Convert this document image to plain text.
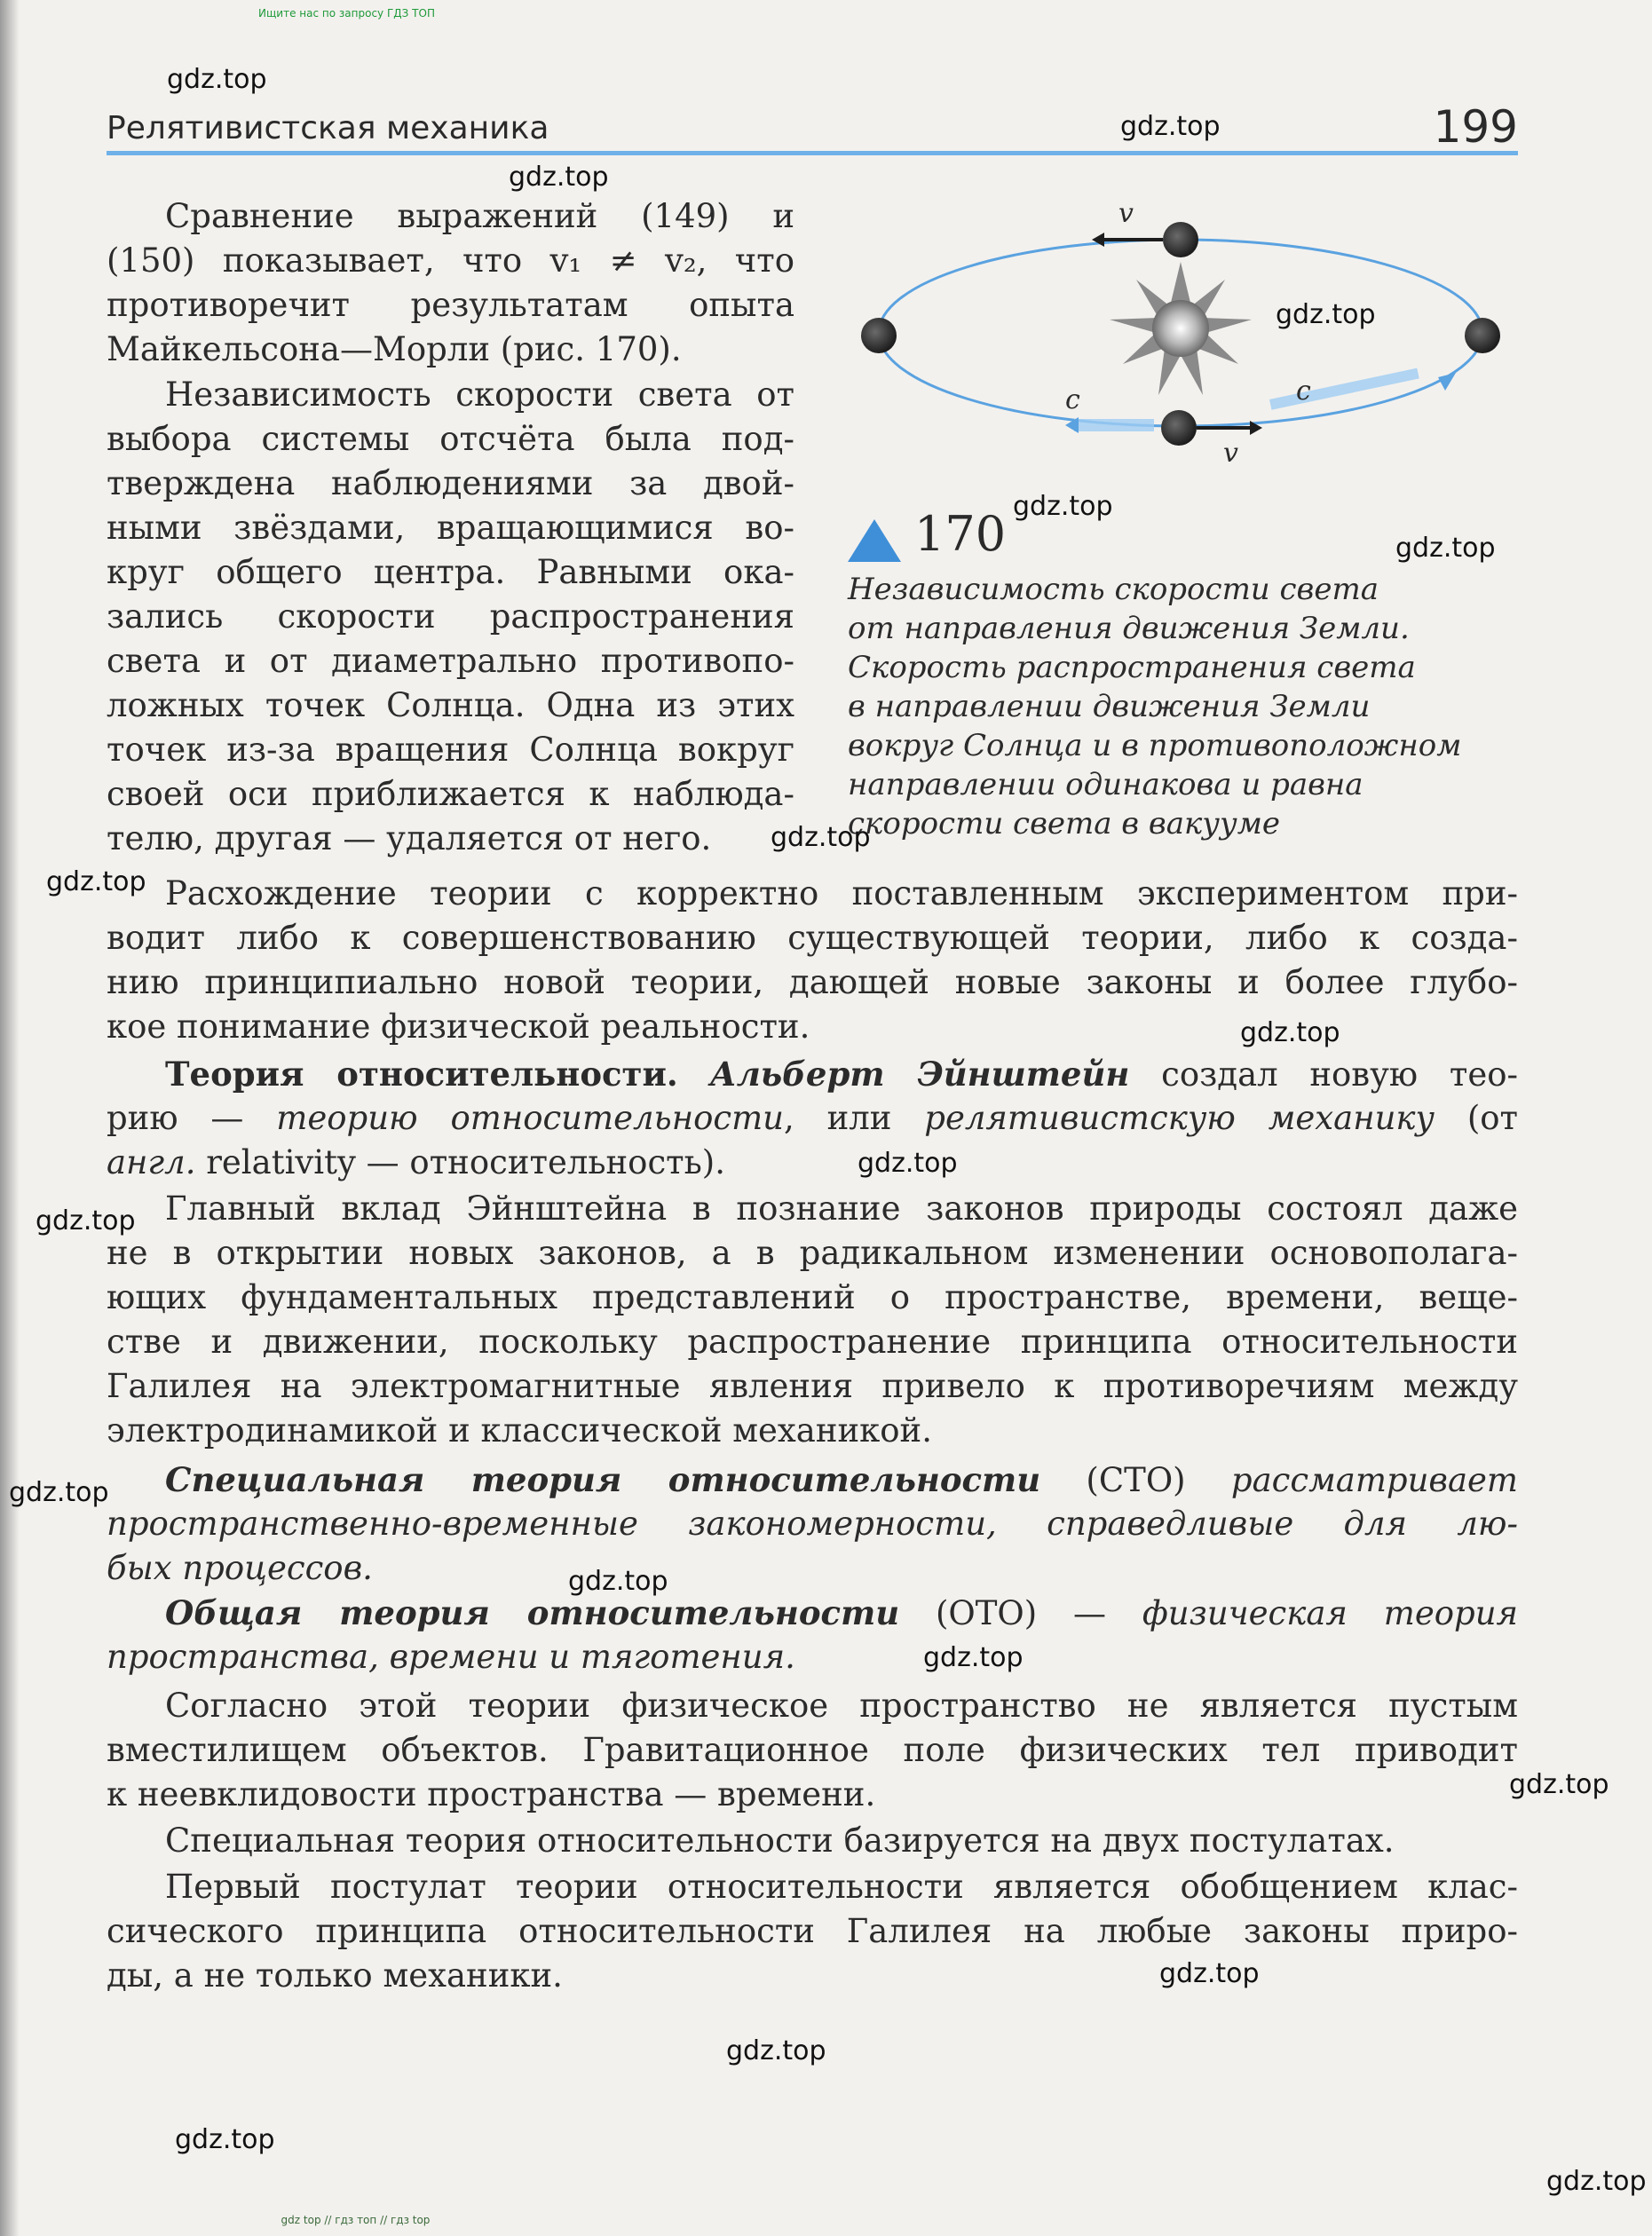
Ищите нас по запросу ГДЗ ТОП
Релятивистская механика	199
Сравнение выражений (149) и
(150) показывает, что v₁ ≠ v₂, что
противоречит результатам опыта
Майкельсона—Морли (рис. 170).
Независимость скорости света от
выбора системы отсчёта была под-
тверждена наблюдениями за двой-
ными звёздами, вращающимися во-
круг общего центра. Равными ока-
зались скорости распространения
света и от диаметрально противопо-
ложных точек Солнца. Одна из этих
точек из-за вращения Солнца вокруг
своей оси приближается к наблюда-
телю, другая — удаляется от него.
v
v
c	c
170
Независимость скорости света
от направления движения Земли.
Скорость распространения света
в направлении движения Земли
вокруг Солнца и в противоположном
направлении одинакова и равна
скорости света в вакууме
Расхождение теории с корректно поставленным экспериментом при-
водит либо к совершенствованию существующей теории, либо к созда-
нию принципиально новой теории, дающей новые законы и более глубо-
кое понимание физической реальности.
Теория относительности. Альберт Эйнштейн создал новую тео-
рию — теорию относительности, или релятивистскую механику (от
англ. relativity — относительность).
Главный вклад Эйнштейна в познание законов природы состоял даже
не в открытии новых законов, а в радикальном изменении основополага-
ющих фундаментальных представлений о пространстве, времени, веще-
стве и движении, поскольку распространение принципа относительности
Галилея на электромагнитные явления привело к противоречиям между
электродинамикой и классической механикой.
Специальная теория относительности (СТО) рассматривает
пространственно-временные закономерности, справедливые для лю-
бых процессов.
Общая теория относительности (ОТО) — физическая теория
пространства, времени и тяготения.
Согласно этой теории физическое пространство не является пустым
вместилищем объектов. Гравитационное поле физических тел приводит
к неевклидовости пространства — времени.
Специальная теория относительности базируется на двух постулатах.
Первый постулат теории относительности является обобщением клас-
сического принципа относительности Галилея на любые законы приро-
ды, а не только механики.
gdz.top
gdz.top
gdz.top
gdz.top
gdz.top
gdz.top
gdz.top
gdz.top
gdz.top
gdz.top
gdz.top
gdz.top
gdz.top
gdz.top
gdz.top
gdz.top
gdz.top
gdz.top
gdz.top
gdz top // гдз топ // гдз top
